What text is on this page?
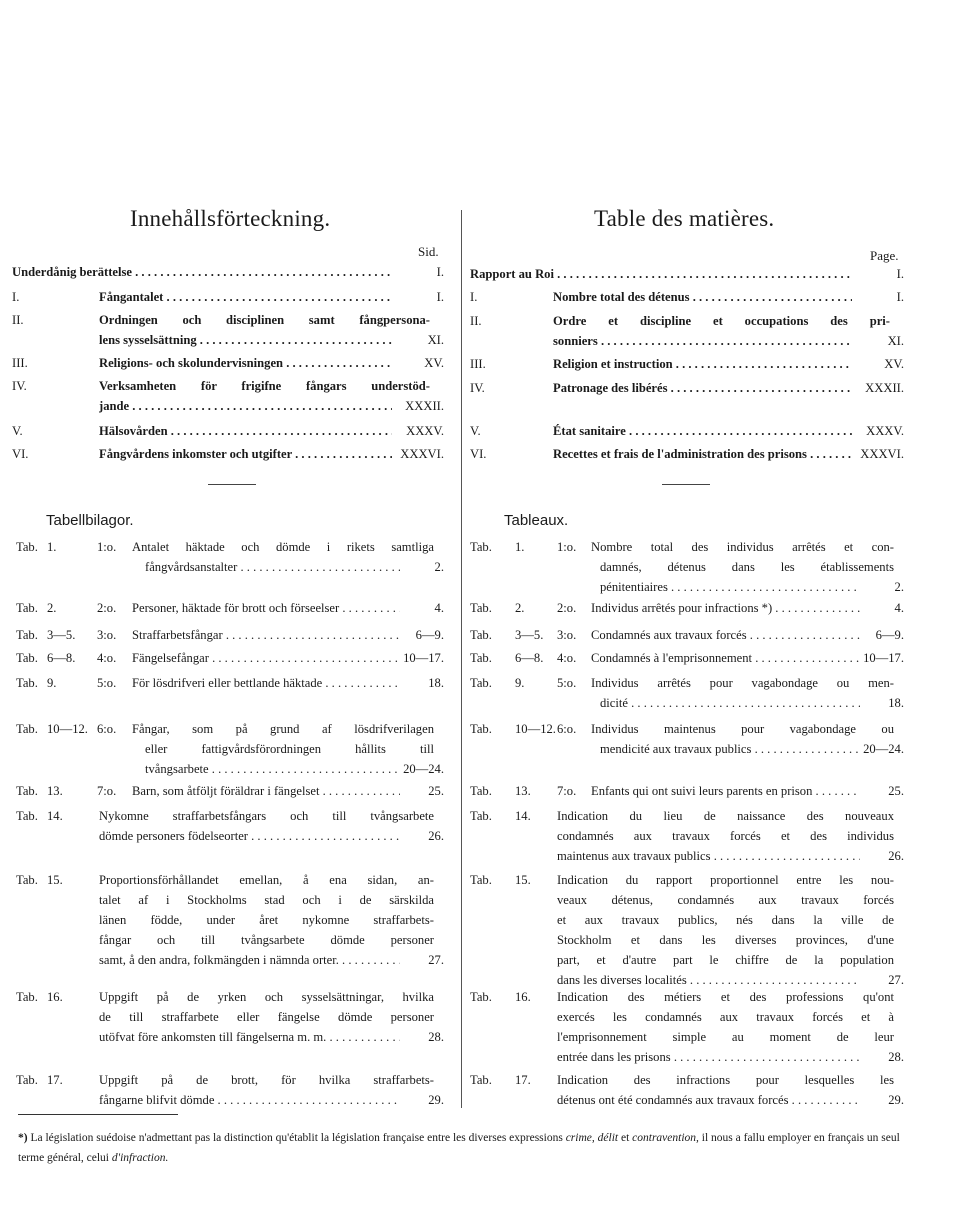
Innehållsförteckning.	Table des matières.
Sid.	Page.
Underdånig berättelse . . .	I.
I.	Fångantalet . . .	I.
II.	Ordningen och disciplinen samt fångpersona-
lens sysselsättning . . .	XI.
III.	Religions- och skolundervisningen . . .	XV.
IV.	Verksamheten för frigifne fångars understöd-
jande . . .	XXXII.
V.	Hälsovården . . .	XXXV.
VI.	Fångvårdens inkomster och utgifter . . .	XXXVI.
Rapport au Roi . . .	I.
I.	Nombre total des détenus . . .	I.
II.	Ordre et discipline et occupations des pri-
sonniers . . .	XI.
III.	Religion et instruction . . .	XV.
IV.	Patronage des libérés . . .	XXXII.
V.	État sanitaire . . .	XXXV.
VI.	Recettes et frais de l'administration des prisons . . .	XXXVI.
Tabellbilagor.	Tableaux.
Tab. 1.	1:o. Antalet häktade och dömde i rikets samtliga
fångvårdsanstalter . . .	2.
Tab. 2.	2:o. Personer, häktade för brott och förseelser . . .	4.
Tab. 3—5. 3:o. Straffarbetsfångar . . .	6—9.
Tab. 6—8. 4:o. Fängelsefångar . . .	10—17.
Tab. 9.	5:o. För lösdrifveri eller bettlande häktade . . . . .	18.
Tab. 10—12. 6:o. Fångar, som på grund af lösdrifverilagen
eller fattigvårdsförordningen hållits till
tvångsarbete . . .	20—24.
Tab. 13.	7:o. Barn, som åtföljt föräldrar i fängelset . . . . . .	25.
Tab. 14.	Nykomne straffarbetsfångars och till tvångsarbete
dömde personers födelseorter . . .	26.
Tab. 15.	Proportionsförhållandet emellan, å ena sidan, an-
talet af i Stockholms stad och i de särskilda
länen födde, under året nykomne straffarbets-
fångar och till tvångsarbete dömde personer
samt, å den andra, folkmängden i nämnda orter. . . .	27.
Tab. 16.	Uppgift på de yrken och sysselsättningar, hvilka
de till straffarbete eller fängelse dömde personer
utöfvat före ankomsten till fängelserna m. m. . . .	28.
Tab. 17.	Uppgift på de brott, för hvilka straffarbets-
fångarne blifvit dömde . . .	29.
Tab. 1.	1:o. Nombre total des individus arrêtés et con-
damnés, détenus dans les établissements
pénitentiaires . . .	2.
Tab. 2.	2:o. Individus arrêtés pour infractions *) . . . . . . .	4.
Tab. 3—5. 3:o. Condamnés aux travaux forcés . . .	6—9.
Tab. 6—8. 4:o. Condamnés à l'emprisonnement . . .	10—17.
Tab. 9.	5:o. Individus arrêtés pour vagabondage ou men-
dicité . . .	18.
Tab. 10—12. 6:o. Individus maintenus pour vagabondage ou
mendicité aux travaux publics . . .	20—24.
Tab. 13. 7:o. Enfants qui ont suivi leurs parents en prison . . .	25.
Tab. 14. Indication du lieu de naissance des nouveaux
condamnés aux travaux forcés et des individus
maintenus aux travaux publics . . .	26.
Tab. 15. Indication du rapport proportionnel entre les nou-
veaux détenus, condamnés aux travaux forcés
et aux travaux publics, nés dans la ville de
Stockholm et dans les diverses provinces, d'une
part, et d'autre part le chiffre de la population
dans les diverses localités . . .	27.
Tab. 16. Indication des métiers et des professions qu'ont
exercés les condamnés aux travaux forcés et à
l'emprisonnement simple au moment de leur
entrée dans les prisons . . .	28.
Tab. 17. Indication des infractions pour lesquelles les
détenus ont été condamnés aux travaux forcés . . .	29.
*) La législation suédoise n'admettant pas la distinction qu'établit la législation française entre les diverses expressions crime, délit et contravention, il nous a fallu employer en français un seul terme général, celui d'infraction.
